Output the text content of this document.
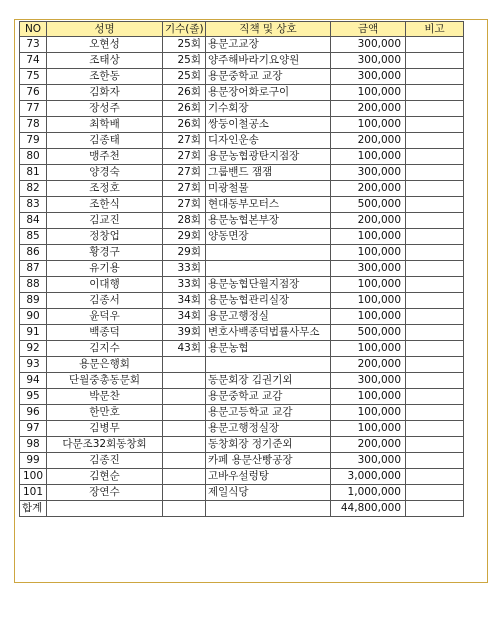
NO	성명	기수(졸)	직책 및 상호	금액	비고
73	오현성	25회	용문고교장	300,000	
74	조태상	25회	양주해바라기요양원	300,000	
75	조한동	25회	용문중학교 교장	300,000	
76	김화자	26회	용문장어화로구이	100,000	
77	장성주	26회	기수회장	200,000	
78	최학배	26회	쌍둥이철공소	100,000	
79	김종태	27회	디자인운송	200,000	
80	맹주천	27회	용문농협광탄지점장	100,000	
81	양경숙	27회	그룹밴드 잼잼	300,000	
82	조정호	27회	미광철물	200,000	
83	조한식	27회	현대동부모터스	500,000	
84	김교진	28회	용문농협본부장	200,000	
85	정창업	29회	양동면장	100,000	
86	황경구	29회		100,000	
87	유기용	33회		300,000	
88	이대행	33회	용문농협단월지점장	100,000	
89	김종서	34회	용문농협관리실장	100,000	
90	윤덕우	34회	용문고행정실	100,000	
91	백종덕	39회	변호사백종덕법률사무소	500,000	
92	김지수	43회	용문농협	100,000	
93	용문은행회			200,000	
94	단월중총동문회		동문회장 김권기외	300,000	
95	박문찬		용문중학교 교감	100,000	
96	한만호		용문고등학교 교감	100,000	
97	김병무		용문고행정실장	100,000	
98	다문조32회동창회		동창회장 정기준외	200,000	
99	김종진		카페 용문산빵공장	300,000	
100	김현순		고바우설렁탕	3,000,000	
101	장연수		제일식당	1,000,000	
합계				44,800,000	
